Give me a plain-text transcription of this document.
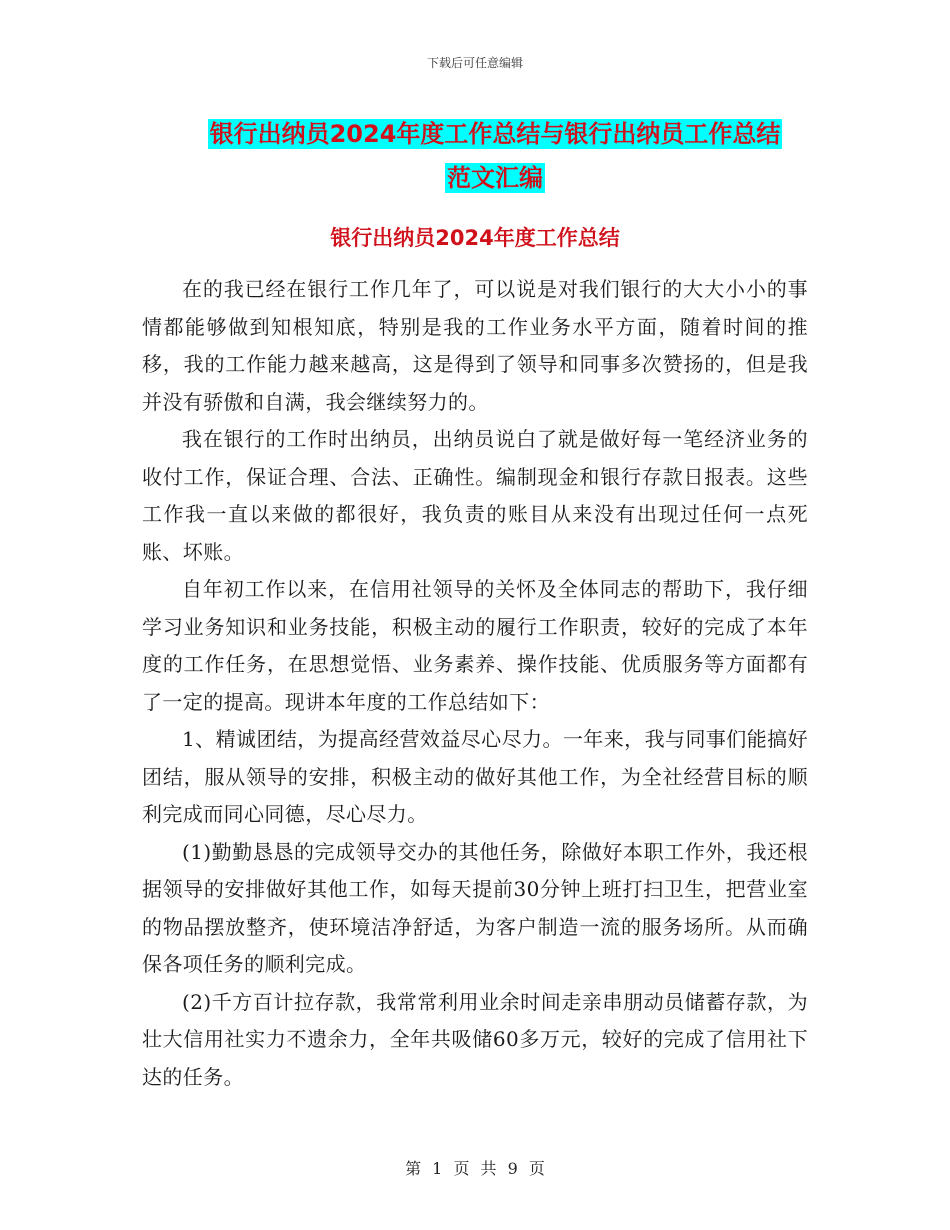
下载后可任意编辑
银行出纳员2024年度工作总结与银行出纳员工作总结
范文汇编
银行出纳员2024年度工作总结

在的我已经在银行工作几年了，可以说是对我们银行的大大小小的事情都能够做到知根知底，特别是我的工作业务水平方面，随着时间的推移，我的工作能力越来越高，这是得到了领导和同事多次赞扬的，但是我并没有骄傲和自满，我会继续努力的。

我在银行的工作时出纳员，出纳员说白了就是做好每一笔经济业务的收付工作，保证合理、合法、正确性。编制现金和银行存款日报表。这些工作我一直以来做的都很好，我负责的账目从来没有出现过任何一点死账、坏账。

自年初工作以来，在信用社领导的关怀及全体同志的帮助下，我仔细学习业务知识和业务技能，积极主动的履行工作职责，较好的完成了本年度的工作任务，在思想觉悟、业务素养、操作技能、优质服务等方面都有了一定的提高。现讲本年度的工作总结如下：

1、精诚团结，为提高经营效益尽心尽力。一年来，我与同事们能搞好团结，服从领导的安排，积极主动的做好其他工作，为全社经营目标的顺利完成而同心同德，尽心尽力。

(1)勤勤恳恳的完成领导交办的其他任务，除做好本职工作外，我还根据领导的安排做好其他工作，如每天提前30分钟上班打扫卫生，把营业室的物品摆放整齐，使环境洁净舒适，为客户制造一流的服务场所。从而确保各项任务的顺利完成。

(2)千方百计拉存款，我常常利用业余时间走亲串朋动员储蓄存款，为壮大信用社实力不遗余力，全年共吸储60多万元，较好的完成了信用社下达的任务。

第 1 页 共 9 页
